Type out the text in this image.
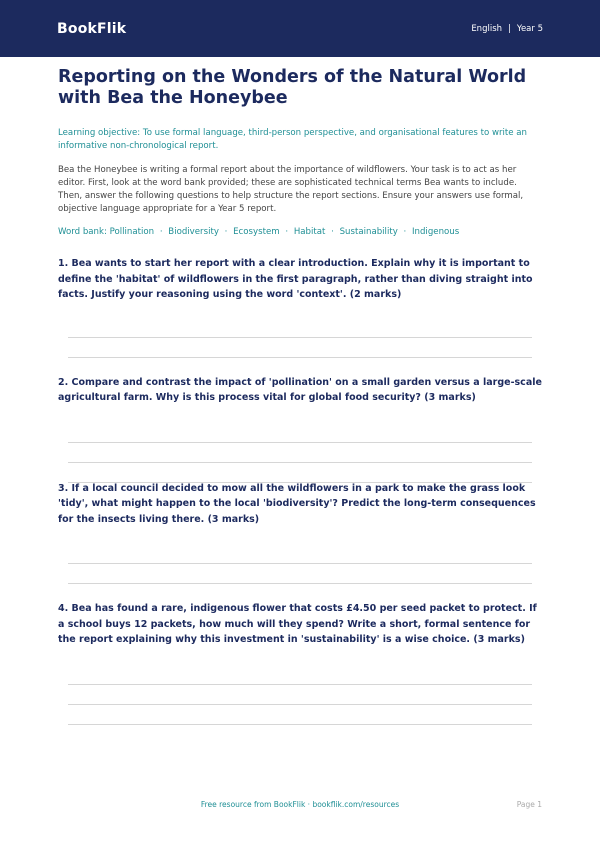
BookFlik	English | Year 5
Reporting on the Wonders of the Natural World with Bea the Honeybee

Learning objective: To use formal language, third-person perspective, and organisational features to write an informative non-chronological report.

Bea the Honeybee is writing a formal report about the importance of wildflowers. Your task is to act as her editor. First, look at the word bank provided; these are sophisticated technical terms Bea wants to include. Then, answer the following questions to help structure the report sections. Ensure your answers use formal, objective language appropriate for a Year 5 report.

Word bank: Pollination · Biodiversity · Ecosystem · Habitat · Sustainability · Indigenous

1. Bea wants to start her report with a clear introduction. Explain why it is important to define the 'habitat' of wildflowers in the first paragraph, rather than diving straight into facts. Justify your reasoning using the word 'context'. (2 marks)

2. Compare and contrast the impact of 'pollination' on a small garden versus a large-scale agricultural farm. Why is this process vital for global food security? (3 marks)

3. If a local council decided to mow all the wildflowers in a park to make the grass look 'tidy', what might happen to the local 'biodiversity'? Predict the long-term consequences for the insects living there. (3 marks)

4. Bea has found a rare, indigenous flower that costs £4.50 per seed packet to protect. If a school buys 12 packets, how much will they spend? Write a short, formal sentence for the report explaining why this investment in 'sustainability' is a wise choice. (3 marks)

Free resource from BookFlik · bookflik.com/resources	Page 1
